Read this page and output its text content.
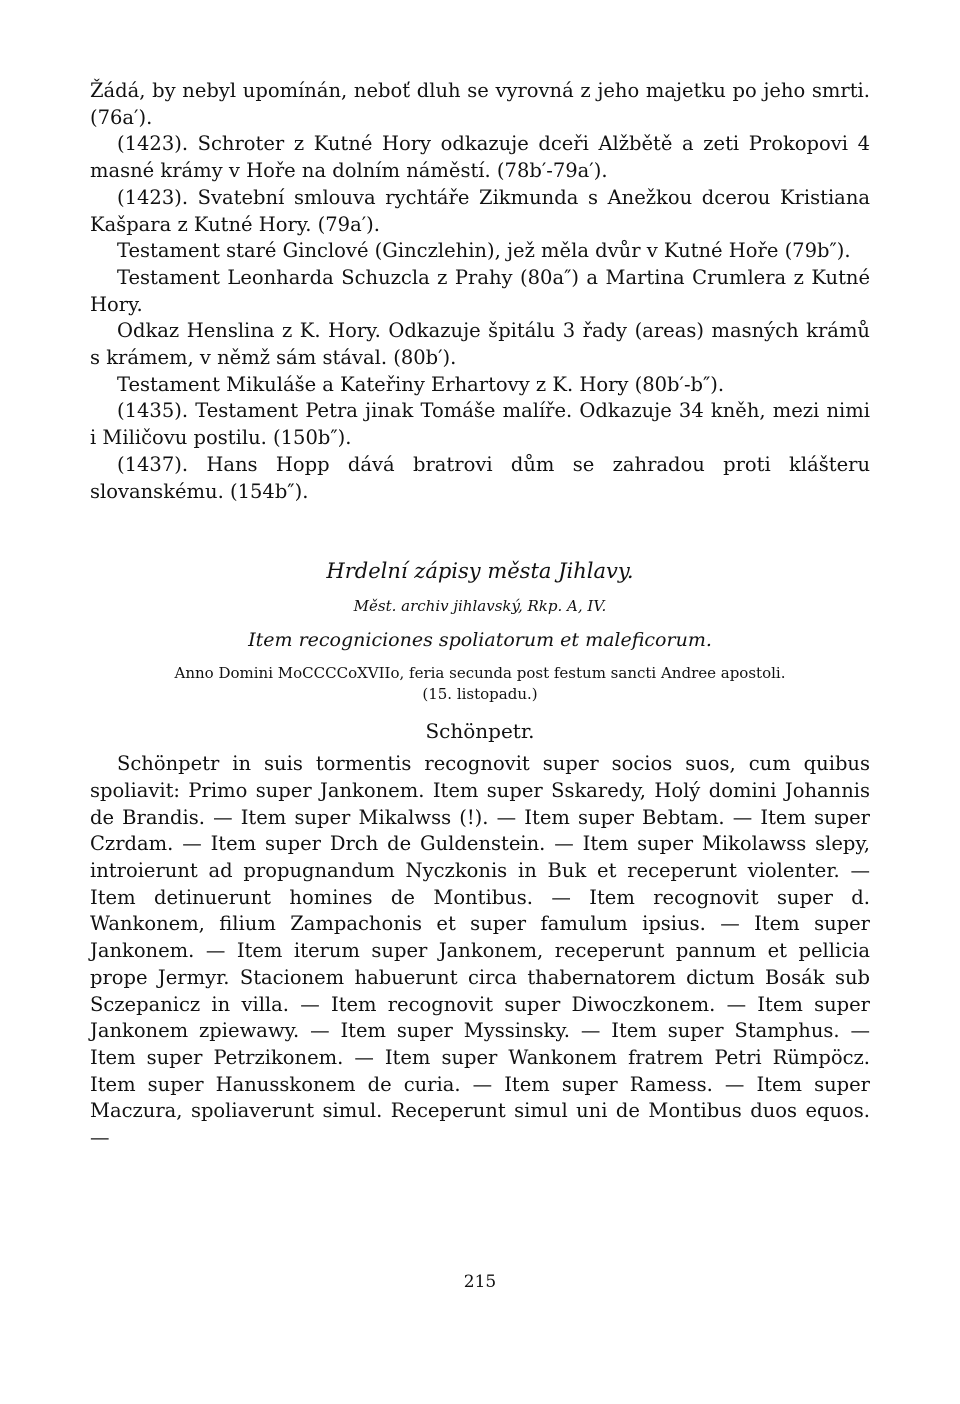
Žádá, by nebyl upomínán, neboť dluh se vyrovná z jeho majetku po jeho smrti. (76a′).

(1423). Schroter z Kutné Hory odkazuje dceři Alžbětě a zeti Prokopovi 4 masné krámy v Hoře na dolním náměstí. (78b′-79a′).

(1423). Svatební smlouva rychtáře Zikmunda s Anežkou dcerou Kristiana Kašpara z Kutné Hory. (79a′).

Testament staré Ginclové (Ginczlehin), jež měla dvůr v Kutné Hoře (79b″).

Testament Leonharda Schuzcla z Prahy (80a″) a Martina Crumlera z Kutné Hory.

Odkaz Henslina z K. Hory. Odkazuje špitálu 3 řady (areas) masných krámů s krámem, v němž sám stával. (80b′).

Testament Mikuláše a Kateřiny Erhartovy z K. Hory (80b′-b″).

(1435). Testament Petra jinak Tomáše malíře. Odkazuje 34 kněh, mezi nimi i Miličovu postilu. (150b″).

(1437). Hans Hopp dává bratrovi dům se zahradou proti klášteru slovanskému. (154b″).

Hrdelní zápisy města Jihlavy.

Měst. archiv jihlavský, Rkp. A, IV.

Item recogniciones spoliatorum et maleficorum.

Anno Domini MoCCCCoXVIIo, feria secunda post festum sancti Andree apostoli.

(15. listopadu.)

Schönpetr.

Schönpetr in suis tormentis recognovit super socios suos, cum quibus spoliavit: Primo super Jankonem. Item super Sskaredy, Holý domini Johannis de Brandis. — Item super Mikalwss (!). — Item super Bebtam. — Item super Czrdam. — Item super Drch de Guldenstein. — Item super Mikolawss slepy, introierunt ad propugnandum Nyczkonis in Buk et receperunt violenter. — Item detinuerunt homines de Montibus. — Item recognovit super d. Wankonem, filium Zampachonis et super famulum ipsius. — Item super Jankonem. — Item iterum super Jankonem, receperunt pannum et pellicia prope Jermyr. Stacionem habuerunt circa thabernatorem dictum Bosák sub Sczepanicz in villa. — Item recognovit super Diwoczkonem. — Item super Jankonem zpiewawy. — Item super Myssinsky. — Item super Stamphus. — Item super Petrzikonem. — Item super Wankonem fratrem Petri Rümpöcz. Item super Hanusskonem de curia. — Item super Ramess. — Item super Maczura, spoliaverunt simul. Receperunt simul uni de Montibus duos equos. —

215
